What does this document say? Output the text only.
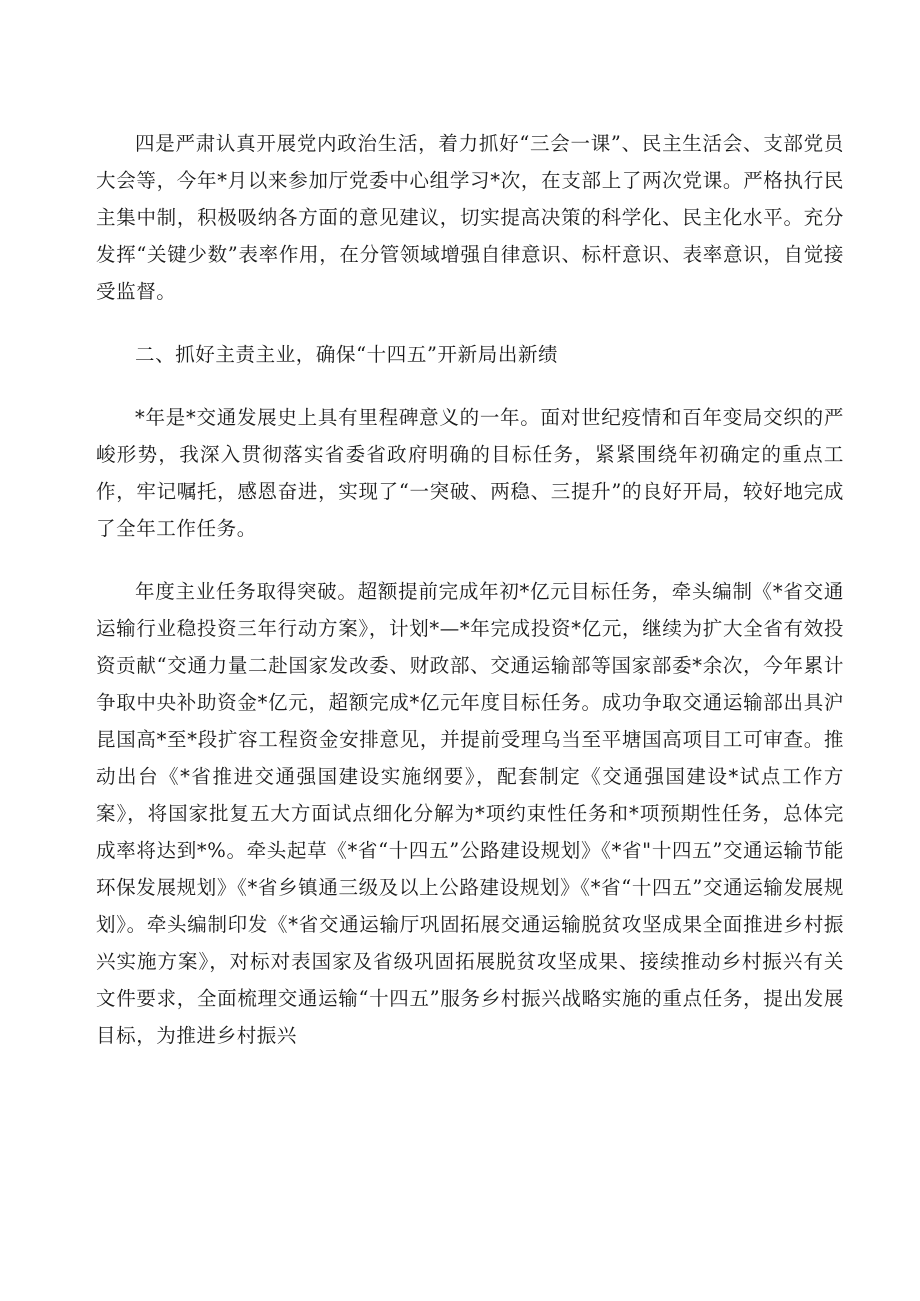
四是严肃认真开展党内政治生活，着力抓好“三会一课”、民主生活会、支部党员大会等，今年*月以来参加厅党委中心组学习*次，在支部上了两次党课。严格执行民主集中制，积极吸纳各方面的意见建议，切实提高决策的科学化、民主化水平。充分发挥“关键少数”表率作用，在分管领域增强自律意识、标杆意识、表率意识，自觉接受监督。

二、抓好主责主业，确保“十四五”开新局出新绩

*年是*交通发展史上具有里程碑意义的一年。面对世纪疫情和百年变局交织的严峻形势，我深入贯彻落实省委省政府明确的目标任务，紧紧围绕年初确定的重点工作，牢记嘱托，感恩奋进，实现了“一突破、两稳、三提升”的良好开局，较好地完成了全年工作任务。

年度主业任务取得突破。超额提前完成年初*亿元目标任务，牵头编制《*省交通运输行业稳投资三年行动方案》，计划*—*年完成投资*亿元，继续为扩大全省有效投资贡献“交通力量二赴国家发改委、财政部、交通运输部等国家部委*余次，今年累计争取中央补助资金*亿元，超额完成*亿元年度目标任务。成功争取交通运输部出具沪昆国高*至*段扩容工程资金安排意见，并提前受理乌当至平塘国高项目工可审查。推动出台《*省推进交通强国建设实施纲要》，配套制定《交通强国建设*试点工作方案》，将国家批复五大方面试点细化分解为*项约束性任务和*项预期性任务，总体完成率将达到*%。牵头起草《*省“十四五”公路建设规划》《*省"十四五”交通运输节能环保发展规划》《*省乡镇通三级及以上公路建设规划》《*省“十四五”交通运输发展规划》。牵头编制印发《*省交通运输厅巩固拓展交通运输脱贫攻坚成果全面推进乡村振兴实施方案》，对标对表国家及省级巩固拓展脱贫攻坚成果、接续推动乡村振兴有关文件要求，全面梳理交通运输“十四五”服务乡村振兴战略实施的重点任务，提出发展目标，为推进乡村振兴
